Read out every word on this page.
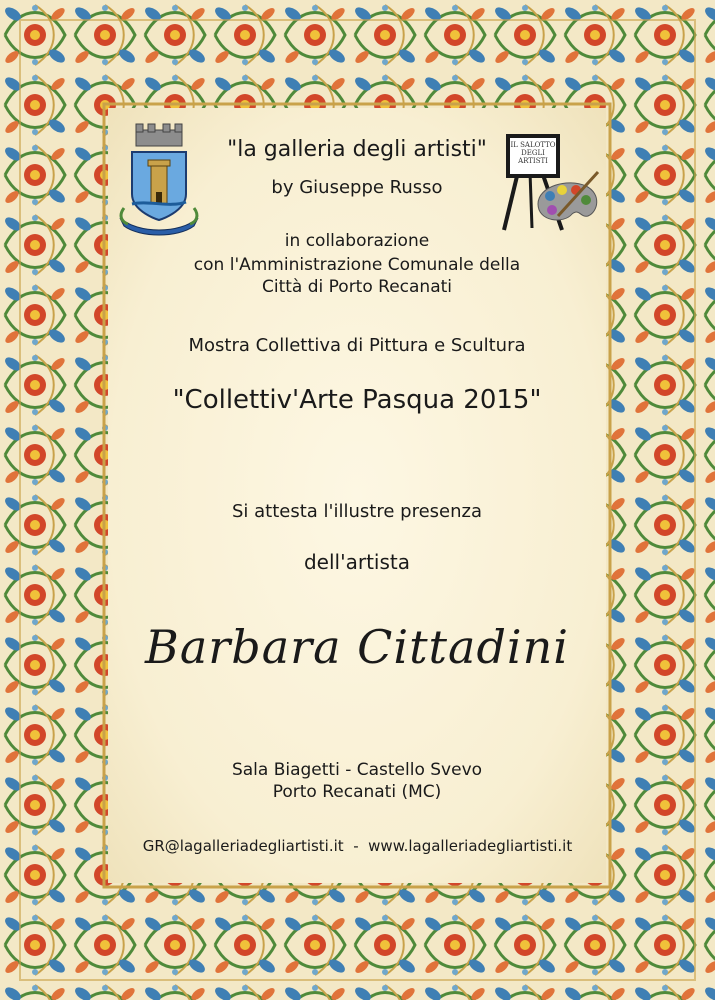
IL SALOTTO DEGLI ARTISTI

"la galleria degli artisti"

by Giuseppe Russo

in collaborazione

con l'Amministrazione Comunale della

Città di Porto Recanati

Mostra Collettiva di Pittura e Scultura

"Collettiv'Arte Pasqua 2015"

Si attesta l'illustre presenza

dell'artista

Barbara Cittadini

Sala Biagetti - Castello Svevo

Porto Recanati (MC)

GR@lagalleriadegliartisti.it  -  www.lagalleriadegliartisti.it
